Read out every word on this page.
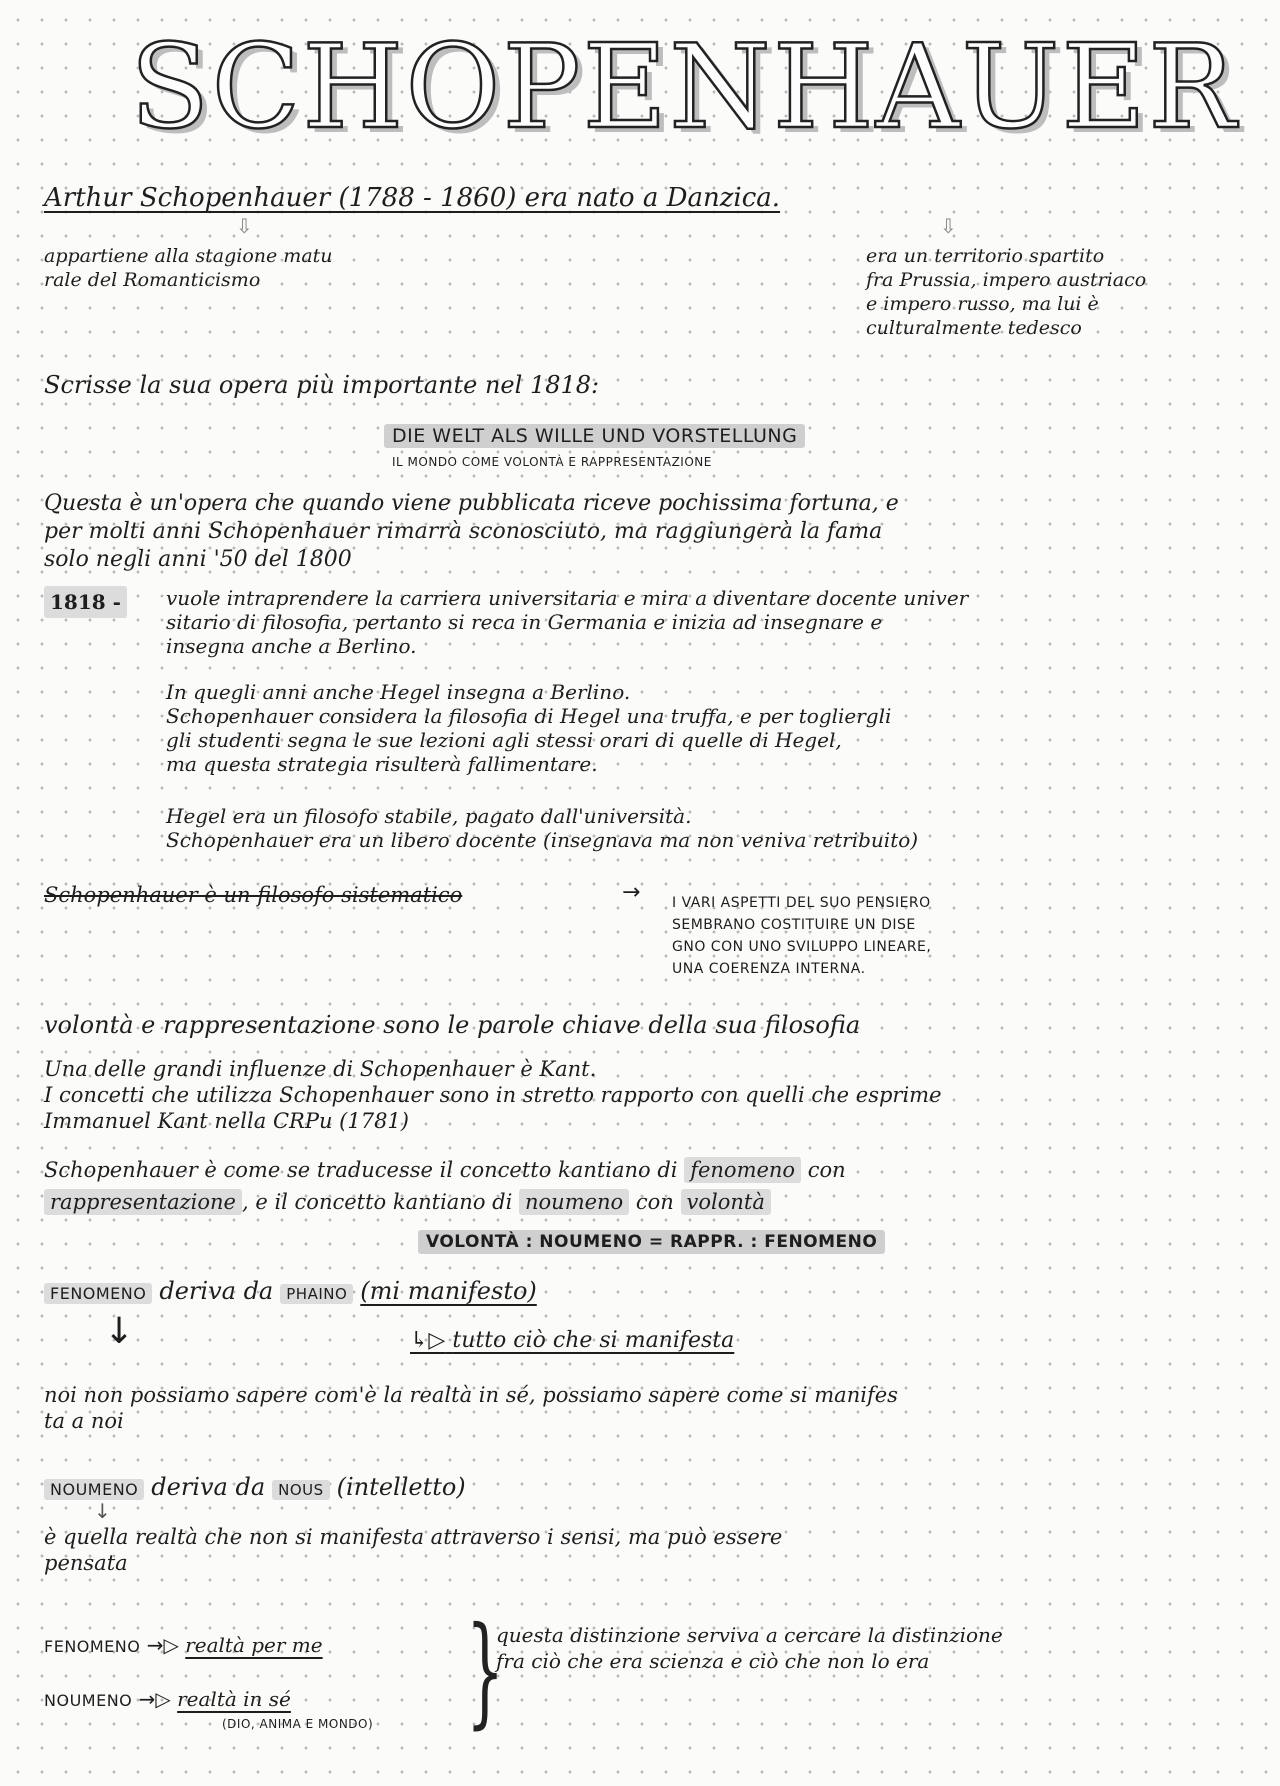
SCHOPENHAUER
Arthur Schopenhauer (1788 - 1860) era nato a Danzica.
⇩	⇩
appartiene alla stagione matu
rale del Romanticismo
era un territorio spartito
fra Prussia, impero austriaco
e impero russo, ma lui è
culturalmente tedesco
Scrisse la sua opera più importante nel 1818:
DIE WELT ALS WILLE UND VORSTELLUNG
IL MONDO COME VOLONTÀ E RAPPRESENTAZIONE
Questa è un'opera che quando viene pubblicata riceve pochissima fortuna, e
per molti anni Schopenhauer rimarrà sconosciuto, ma raggiungerà la fama
solo negli anni '50 del 1800
1818 -	vuole intraprendere la carriera universitaria e mira a diventare docente univer
sitario di filosofia, pertanto si reca in Germania e inizia ad insegnare e
insegna anche a Berlino.
In quegli anni anche Hegel insegna a Berlino.
Schopenhauer considera la filosofia di Hegel una truffa, e per togliergli
gli studenti segna le sue lezioni agli stessi orari di quelle di Hegel,
ma questa strategia risulterà fallimentare.
Hegel era un filosofo stabile, pagato dall'università.
Schopenhauer era un libero docente (insegnava ma non veniva retribuito)
Schopenhauer è un filosofo sistematico	→ I VARI ASPETTI DEL SUO PENSIERO
SEMBRANO COSTITUIRE UN DISE
GNO CON UNO SVILUPPO LINEARE,
UNA COERENZA INTERNA.
volontà e rappresentazione sono le parole chiave della sua filosofia
Una delle grandi influenze di Schopenhauer è Kant.
I concetti che utilizza Schopenhauer sono in stretto rapporto con quelli che esprime
Immanuel Kant nella CRPu (1781)
Schopenhauer è come se traducesse il concetto kantiano di fenomeno con
rappresentazione , e il concetto kantiano di noumeno con volontà
VOLONTÀ : NOUMENO = RAPPR. : FENOMENO
FENOMENO deriva da PHAINO (mi manifesto)
↳▷ tutto ciò che si manifesta
↓
noi non possiamo sapere com'è la realtà in sé, possiamo sapere come si manifes
ta a noi
NOUMENO deriva da NOUS (intelletto)
↓
è quella realtà che non si manifesta attraverso i sensi, ma può essere
pensata
FENOMENO →▷ realtà per me
NOUMENO →▷ realtà in sé
(DIO, ANIMA E MONDO) }
questa distinzione serviva a cercare la distinzione
fra ciò che era scienza e ciò che non lo era
